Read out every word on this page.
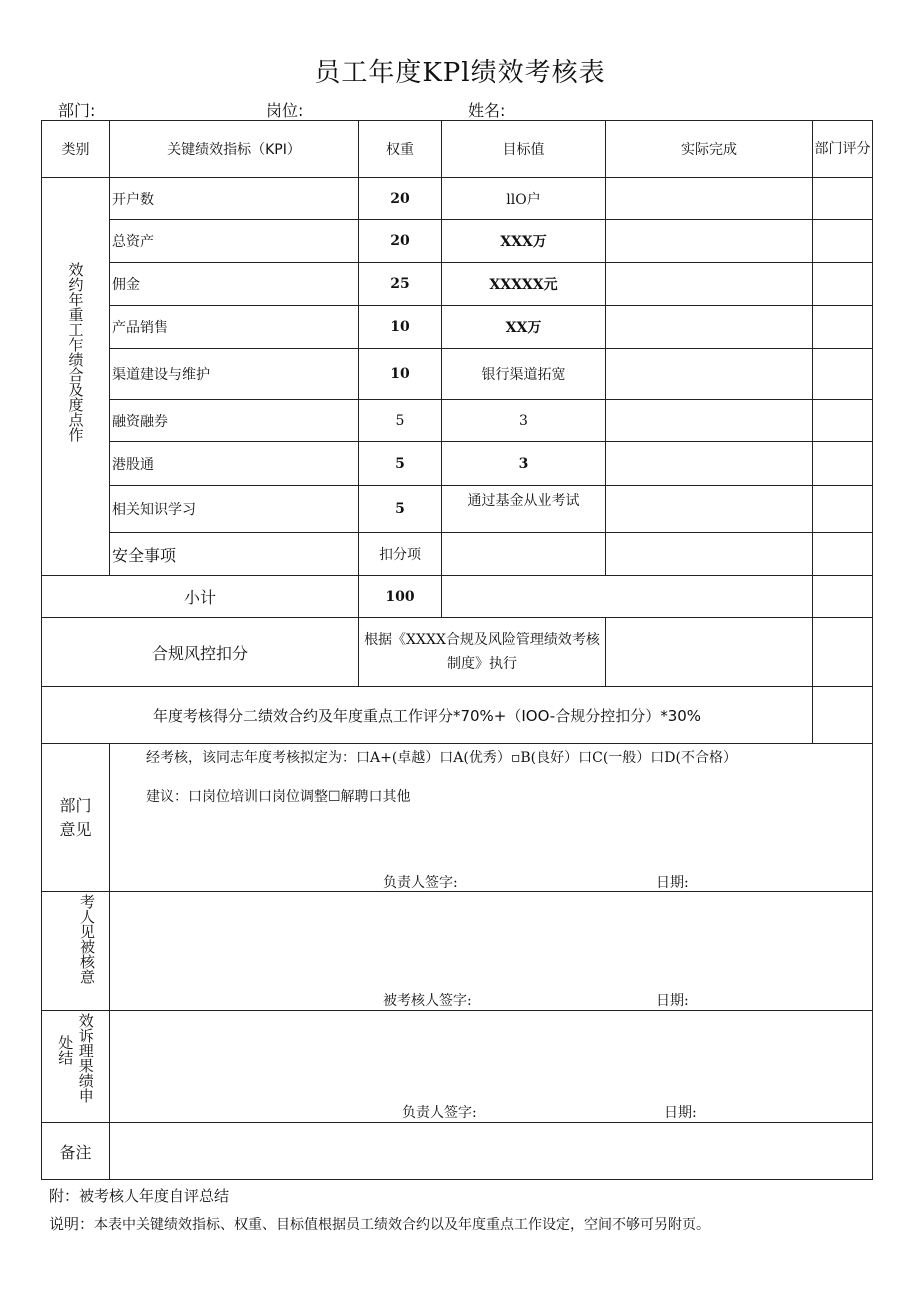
员工年度KPl绩效考核表
部门:	岗位:	姓名:
类别	关键绩效指标（KPI）	权重	目标值	实际完成	部门评分
效约年重工乍绩合及度点作	开户数	20	llO户		
	总资产	20	XXX万		
	佣金	25	XXXXX元		
	产品销售	10	XX万		
	渠道建设与维护	10	银行渠道拓宽		
	融资融券	5	3		
	港股通	5	3		
	相关知识学习	5	通过基金从业考试		
	安全事项	扣分项			
小计		100			
合规风控扣分		根据《XXXX合规及风险管理绩效考核制度》执行			
年度考核得分二绩效合约及年度重点工作评分*70%+（IOO-合规分控扣分）*30%					
部门意见	经考核，该同志年度考核拟定为：口A+(卓越）口A(优秀）▫B(良好）口C(一般）口D(不合格）
建议：口岗位培训口岗位调整☐解聘口其他
负责人签字: 日期:				

考人见被核意	被考核人签字: 日期:				

处结 效诉理果绩申	负责人签字: 日期:				

备注					
附：被考核人年度自评总结
说明：本表中关键绩效指标、权重、目标值根据员工绩效合约以及年度重点工作设定，空间不够可另附页。
